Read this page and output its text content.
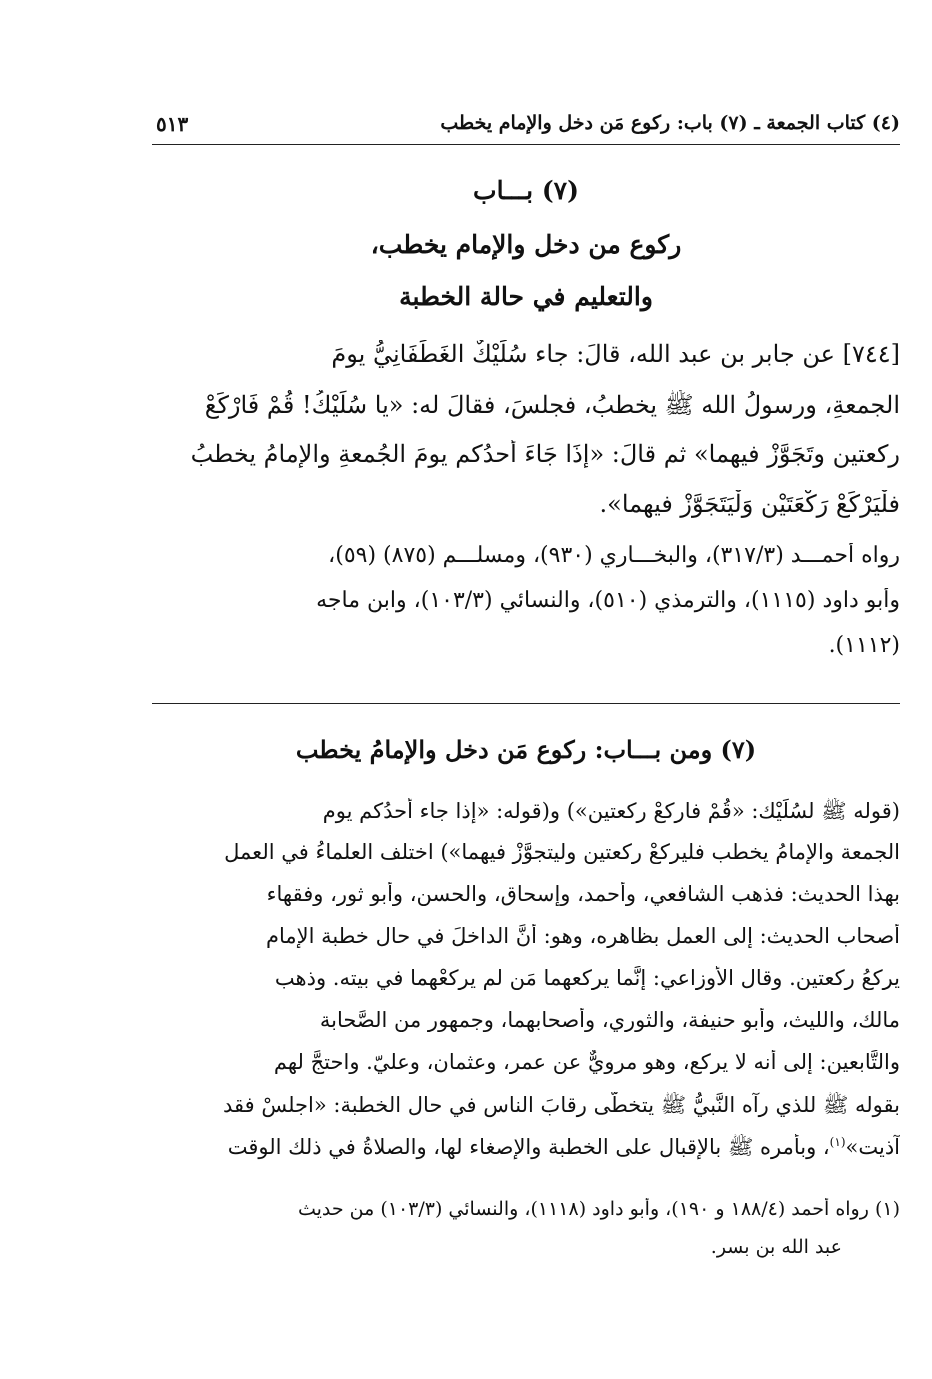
(٤) كتاب الجمعة ـ (٧) باب: ركوع مَن دخل والإمام يخطب
٥١٣
(٧) بـــاب
ركوع من دخل والإمام يخطب،
والتعليم في حالة الخطبة
[٧٤٤] عن جابر بن عبد الله، قالَ: جاء سُلَيْكٌ الغَطَفَانِيُّ يومَ
الجمعةِ، ورسولُ الله ﷺ يخطبُ، فجلسَ، فقالَ له: «يا سُلَيْكُ! قُمْ فَارْكَعْ
ركعتين وتَجَوَّزْ فيهما» ثم قالَ: «إذَا جَاءَ أحدُكم يومَ الجُمعةِ والإمامُ يخطبُ
فلْيَرْكَعْ رَكْعَتَيْنِ وَلْيَتَجَوَّزْ فيهما».
رواه أحمـــد (٣١٧/٣)، والبخـــاري (٩٣٠)، ومسلـــم (٨٧٥) (٥٩)،
وأبو داود (١١١٥)، والترمذي (٥١٠)، والنسائي (١٠٣/٣)، وابن ماجه
(١١١٢).
(٧) ومن بـــاب: ركوع مَن دخل والإمامُ يخطب
(قوله ﷺ لسُلَيْك: «قُمْ فاركعْ ركعتين») و(قوله: «إذا جاء أحدُكم يوم
الجمعة والإمامُ يخطب فليركعْ ركعتين وليتجوَّزْ فيهما») اختلف العلماءُ في العمل
بهذا الحديث: فذهب الشافعي، وأحمد، وإسحاق، والحسن، وأبو ثور، وفقهاء
أصحاب الحديث: إلى العمل بظاهره، وهو: أنَّ الداخلَ في حال خطبة الإمام
يركعُ ركعتين. وقال الأوزاعي: إنَّما يركعهما مَن لم يركعْهما في بيته. وذهب
مالك، والليث، وأبو حنيفة، والثوري، وأصحابهما، وجمهور من الصَّحابة
والتَّابعين: إلى أنه لا يركع، وهو مرويٌّ عن عمر، وعثمان، وعليّ. واحتجَّ لهم
بقوله ﷺ للذي رآه النَّبيُّ ﷺ يتخطَّى رقابَ الناس في حال الخطبة: «اجلسْ فقد
آذيت»$^{(١)}$، وبأمره ﷺ بالإقبال على الخطبة والإصغاء لها، والصلاةُ في ذلك الوقت
(١) رواه أحمد (١٨٨/٤ و ١٩٠)، وأبو داود (١١١٨)، والنسائي (١٠٣/٣) من حديث
عبد الله بن بسر.
